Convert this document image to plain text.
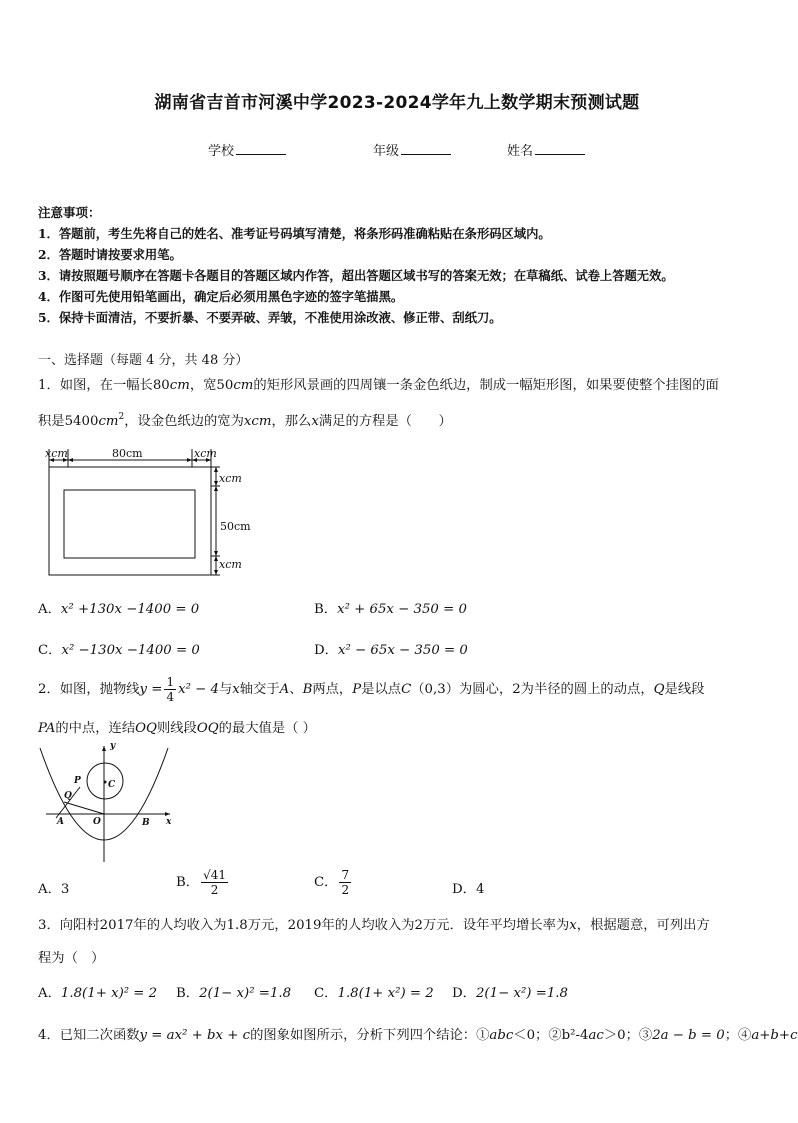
湖南省吉首市河溪中学2023-2024学年九上数学期末预测试题
学校	年级	姓名
注意事项：
1．答题前，考生先将自己的姓名、准考证号码填写清楚，将条形码准确粘贴在条形码区域内。
2．答题时请按要求用笔。
3．请按照题号顺序在答题卡各题目的答题区域内作答，超出答题区域书写的答案无效；在草稿纸、试卷上答题无效。
4．作图可先使用铅笔画出，确定后必须用黑色字迹的签字笔描黑。
5．保持卡面清洁，不要折暴、不要弄破、弄皱，不准使用涂改液、修正带、刮纸刀。
一、选择题（每题 4 分，共 48 分）
1．如图，在一幅长80cm，宽50cm的矩形风景画的四周镶一条金色纸边，制成一幅矩形图，如果要使整个挂图的面
积是$5400cm^2$，设金色纸边的宽为xcm，那么x满足的方程是（　　）
xcm	xcm
80cm
xcm
50cm
xcm
A．x² +130x −1400 = 0	B．x² + 65x − 350 = 0
C．x² −130x −1400 = 0	D．x² − 65x − 350 = 0
2．如图，抛物线$y = \frac{1}{4} x^2 - 4$与x轴交于A、B两点，P是以点C（0,3）为圆心，2为半径的圆上的动点，Q是线段
PA的中点，连结OQ则线段OQ的最大值是（ ）
y
x
P
Q
C
A	O	B
A．3	B． $\frac{√41}{2}$	C． $\frac{7}{2}$	D．4
3．向阳村2017年的人均收入为1.8万元，2019年的人均收入为2万元．设年平均增长率为x，根据题意，可列出方
程为（　）
A．1.8(1+ x)² = 2 B．2(1− x)² =1.8 C．1.8(1+ x²) = 2 D．2(1− x²) =1.8
4．已知二次函数y = ax² + bx + c的图象如图所示，分析下列四个结论：①abc＜0；②b²-4ac＞0；③2a − b = 0；④a+b+c
